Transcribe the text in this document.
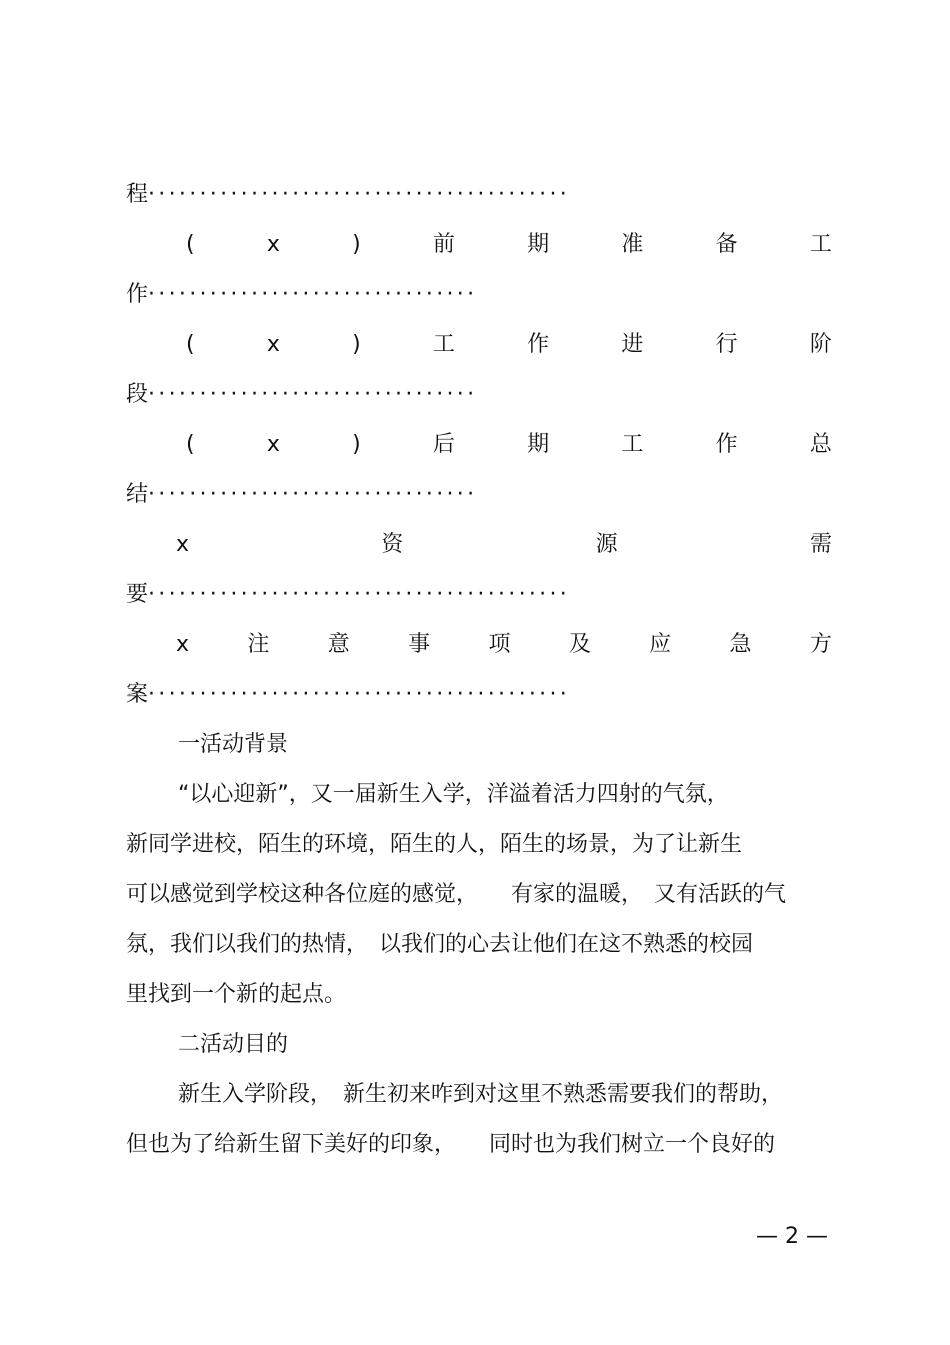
程·········································
(	x	)	前	期	准	备	工
作································
(	x	)	工	作	进	行	阶
段································
(	x	)	后	期	工	作	总
结································
x	资	源	需
要·········································
x	注	意	事	项	及	应	急	方
案·········································
一活动背景
“以心迎新”，又一届新生入学，洋溢着活力四射的气氛，
新同学进校，陌生的环境，陌生的人，陌生的场景，为了让新生
可以感觉到学校这种各位庭的感觉，　　有家的温暖，　又有活跃的气
氛，我们以我们的热情，　以我们的心去让他们在这不熟悉的校园
里找到一个新的起点。
二活动目的
新生入学阶段，　新生初来咋到对这里不熟悉需要我们的帮助，
但也为了给新生留下美好的印象，　　同时也为我们树立一个良好的
— 2 —
